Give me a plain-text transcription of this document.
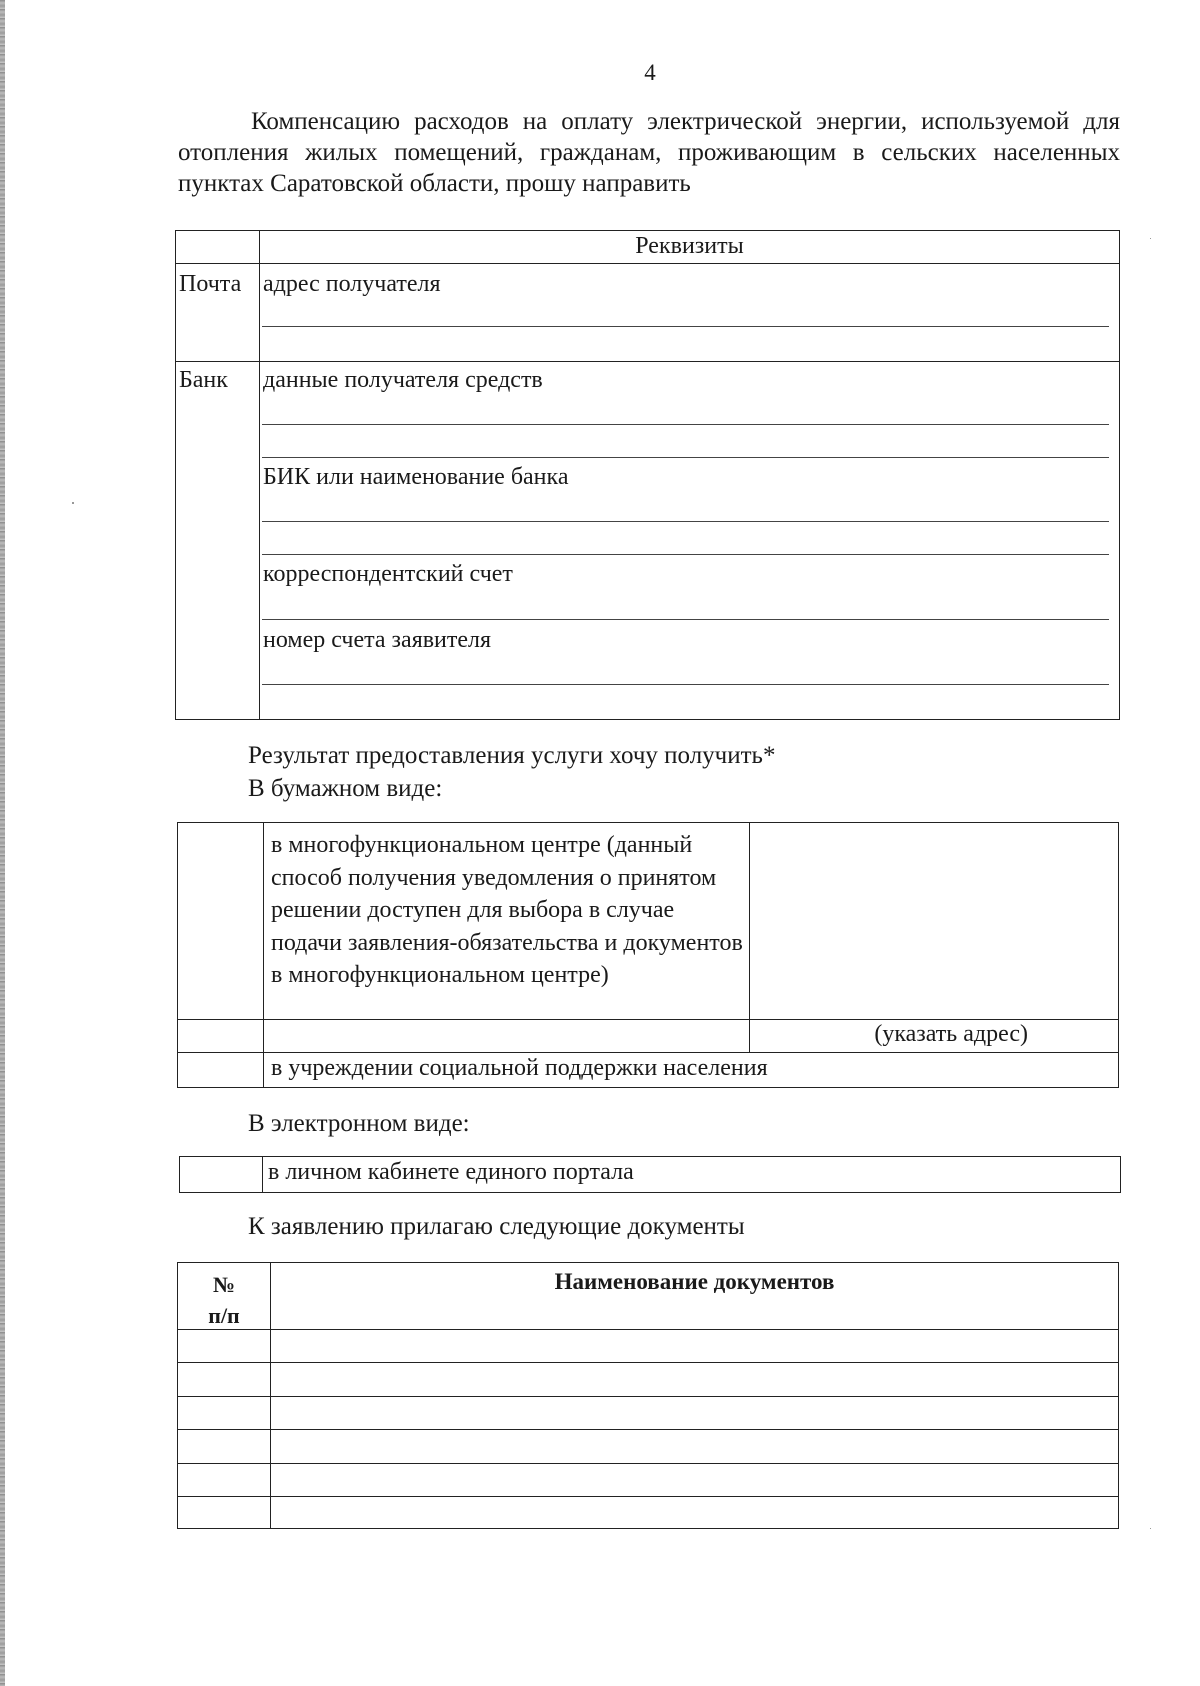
4

Компенсацию расходов на оплату электрической энергии, используемой для отопления жилых помещений, гражданам, проживающим в сельских населенных пунктах Саратовской области, прошу направить

Реквизиты
Почта адрес получателя
Банк данные получателя средств
БИК или наименование банка
корреспондентский счет
номер счета заявителя
Результат предоставления услуги хочу получить*
В бумажном виде:
в многофункциональном центре (данный способ получения уведомления о принятом решении доступен для выбора в случае подачи заявления-обязательства и документов в многофункциональном центре)
(указать адрес)
в учреждении социальной поддержки населения
В электронном виде:
в личном кабинете единого портала
К заявлению прилагаю следующие документы
№
п/п
Наименование документов
